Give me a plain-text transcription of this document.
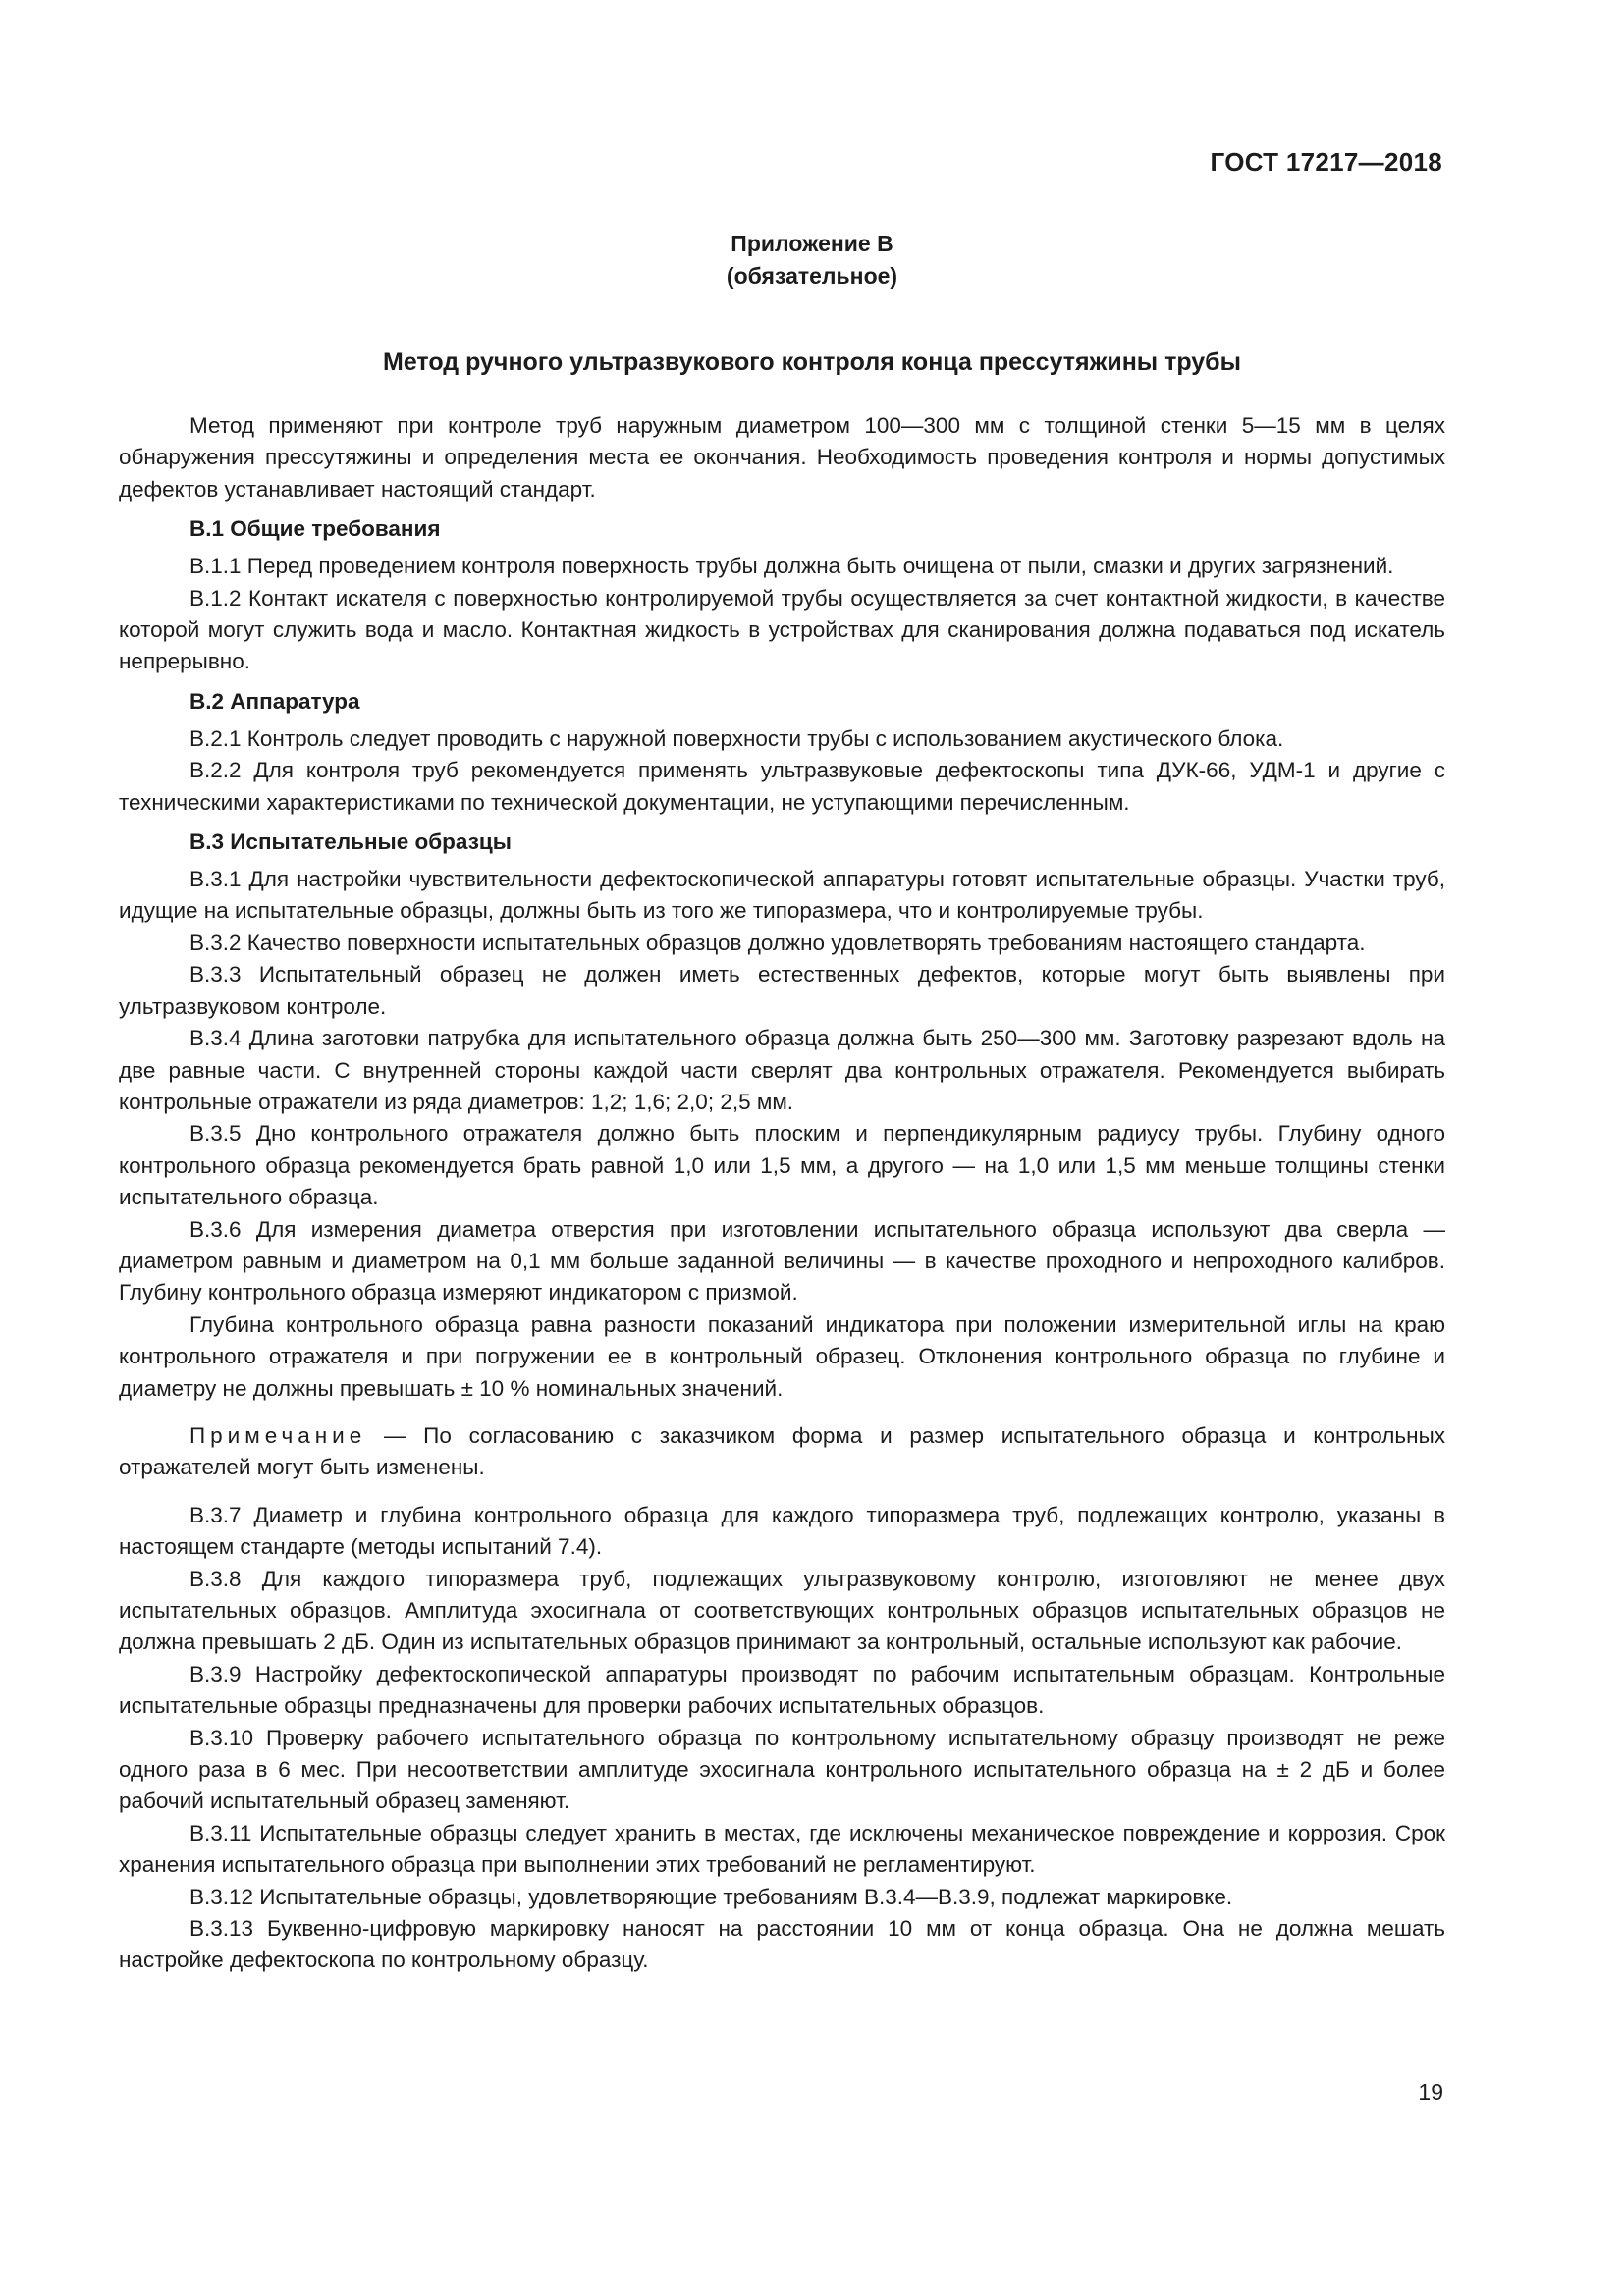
ГОСТ 17217—2018
Приложение В
(обязательное)
Метод ручного ультразвукового контроля конца прессутяжины трубы

Метод применяют при контроле труб наружным диаметром 100—300 мм с толщиной стенки 5—15 мм в целях обнаружения прессутяжины и определения места ее окончания. Необходимость проведения контроля и нормы допустимых дефектов устанавливает настоящий стандарт.

В.1 Общие требования

В.1.1 Перед проведением контроля поверхность трубы должна быть очищена от пыли, смазки и других загрязнений.

В.1.2 Контакт искателя с поверхностью контролируемой трубы осуществляется за счет контактной жидкости, в качестве которой могут служить вода и масло. Контактная жидкость в устройствах для сканирования должна подаваться под искатель непрерывно.

В.2 Аппаратура

В.2.1 Контроль следует проводить с наружной поверхности трубы с использованием акустического блока.

В.2.2 Для контроля труб рекомендуется применять ультразвуковые дефектоскопы типа ДУК-66, УДМ-1 и другие с техническими характеристиками по технической документации, не уступающими перечисленным.

В.3 Испытательные образцы

В.3.1 Для настройки чувствительности дефектоскопической аппаратуры готовят испытательные образцы. Участки труб, идущие на испытательные образцы, должны быть из того же типоразмера, что и контролируемые трубы.

В.3.2 Качество поверхности испытательных образцов должно удовлетворять требованиям настоящего стандарта.

В.3.3 Испытательный образец не должен иметь естественных дефектов, которые могут быть выявлены при ультразвуковом контроле.

В.3.4 Длина заготовки патрубка для испытательного образца должна быть 250—300 мм. Заготовку разрезают вдоль на две равные части. С внутренней стороны каждой части сверлят два контрольных отражателя. Рекомендуется выбирать контрольные отражатели из ряда диаметров: 1,2; 1,6; 2,0; 2,5 мм.

В.3.5 Дно контрольного отражателя должно быть плоским и перпендикулярным радиусу трубы. Глубину одного контрольного образца рекомендуется брать равной 1,0 или 1,5 мм, а другого — на 1,0 или 1,5 мм меньше толщины стенки испытательного образца.

В.3.6 Для измерения диаметра отверстия при изготовлении испытательного образца используют два сверла — диаметром равным и диаметром на 0,1 мм больше заданной величины — в качестве проходного и непроходного калибров. Глубину контрольного образца измеряют индикатором с призмой.

Глубина контрольного образца равна разности показаний индикатора при положении измерительной иглы на краю контрольного отражателя и при погружении ее в контрольный образец. Отклонения контрольного образца по глубине и диаметру не должны превышать ± 10 % номинальных значений.

Примечание — По согласованию с заказчиком форма и размер испытательного образца и контрольных отражателей могут быть изменены.

В.3.7 Диаметр и глубина контрольного образца для каждого типоразмера труб, подлежащих контролю, указаны в настоящем стандарте (методы испытаний 7.4).

В.3.8 Для каждого типоразмера труб, подлежащих ультразвуковому контролю, изготовляют не менее двух испытательных образцов. Амплитуда эхосигнала от соответствующих контрольных образцов испытательных образцов не должна превышать 2 дБ. Один из испытательных образцов принимают за контрольный, остальные используют как рабочие.

В.3.9 Настройку дефектоскопической аппаратуры производят по рабочим испытательным образцам. Контрольные испытательные образцы предназначены для проверки рабочих испытательных образцов.

В.3.10 Проверку рабочего испытательного образца по контрольному испытательному образцу производят не реже одного раза в 6 мес. При несоответствии амплитуде эхосигнала контрольного испытательного образца на ± 2 дБ и более рабочий испытательный образец заменяют.

В.3.11 Испытательные образцы следует хранить в местах, где исключены механическое повреждение и коррозия. Срок хранения испытательного образца при выполнении этих требований не регламентируют.

В.3.12 Испытательные образцы, удовлетворяющие требованиям В.3.4—В.3.9, подлежат маркировке.

В.3.13 Буквенно-цифровую маркировку наносят на расстоянии 10 мм от конца образца. Она не должна мешать настройке дефектоскопа по контрольному образцу.

19
